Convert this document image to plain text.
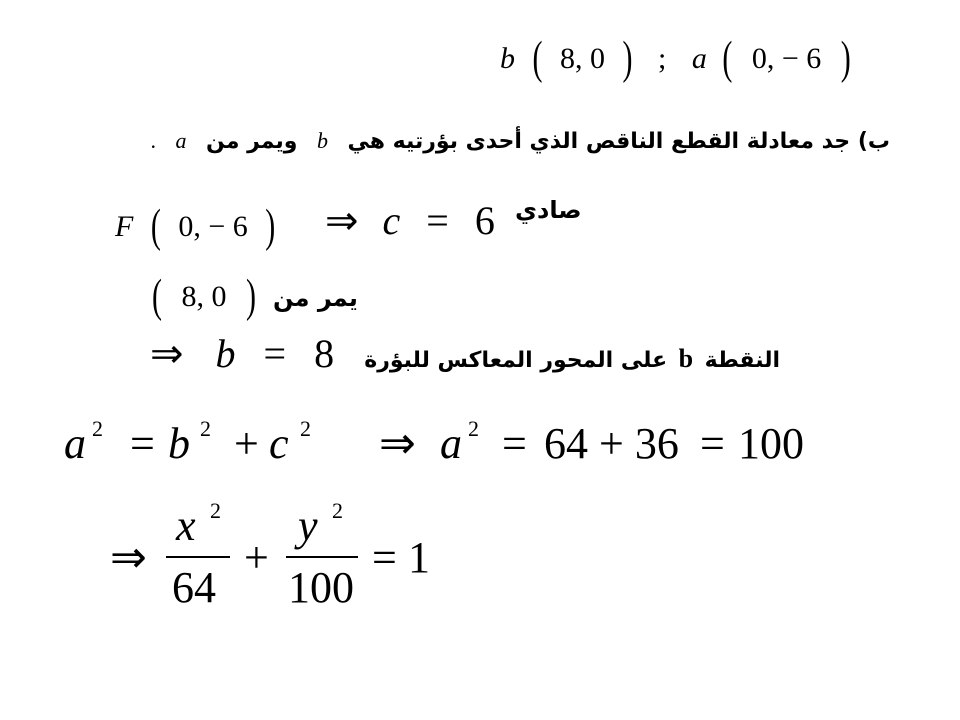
b ( 8, 0 ) ; a ( 0, − 6 )
ب) جد معادلة القطع الناقص الذي أحدى بؤرتيه هي a ويمر من b .
F ( 0, − 6 ) ⇒ c = 6 صادي
( 8, 0 ) يمر من
⇒ b = 8	النقطة b على المحور المعاكس للبؤرة
a 2 = b 2 + c 2 ⇒ a 2 = 64 + 36 = 100
⇒
x 2
64
+
y 2
100
= 1
